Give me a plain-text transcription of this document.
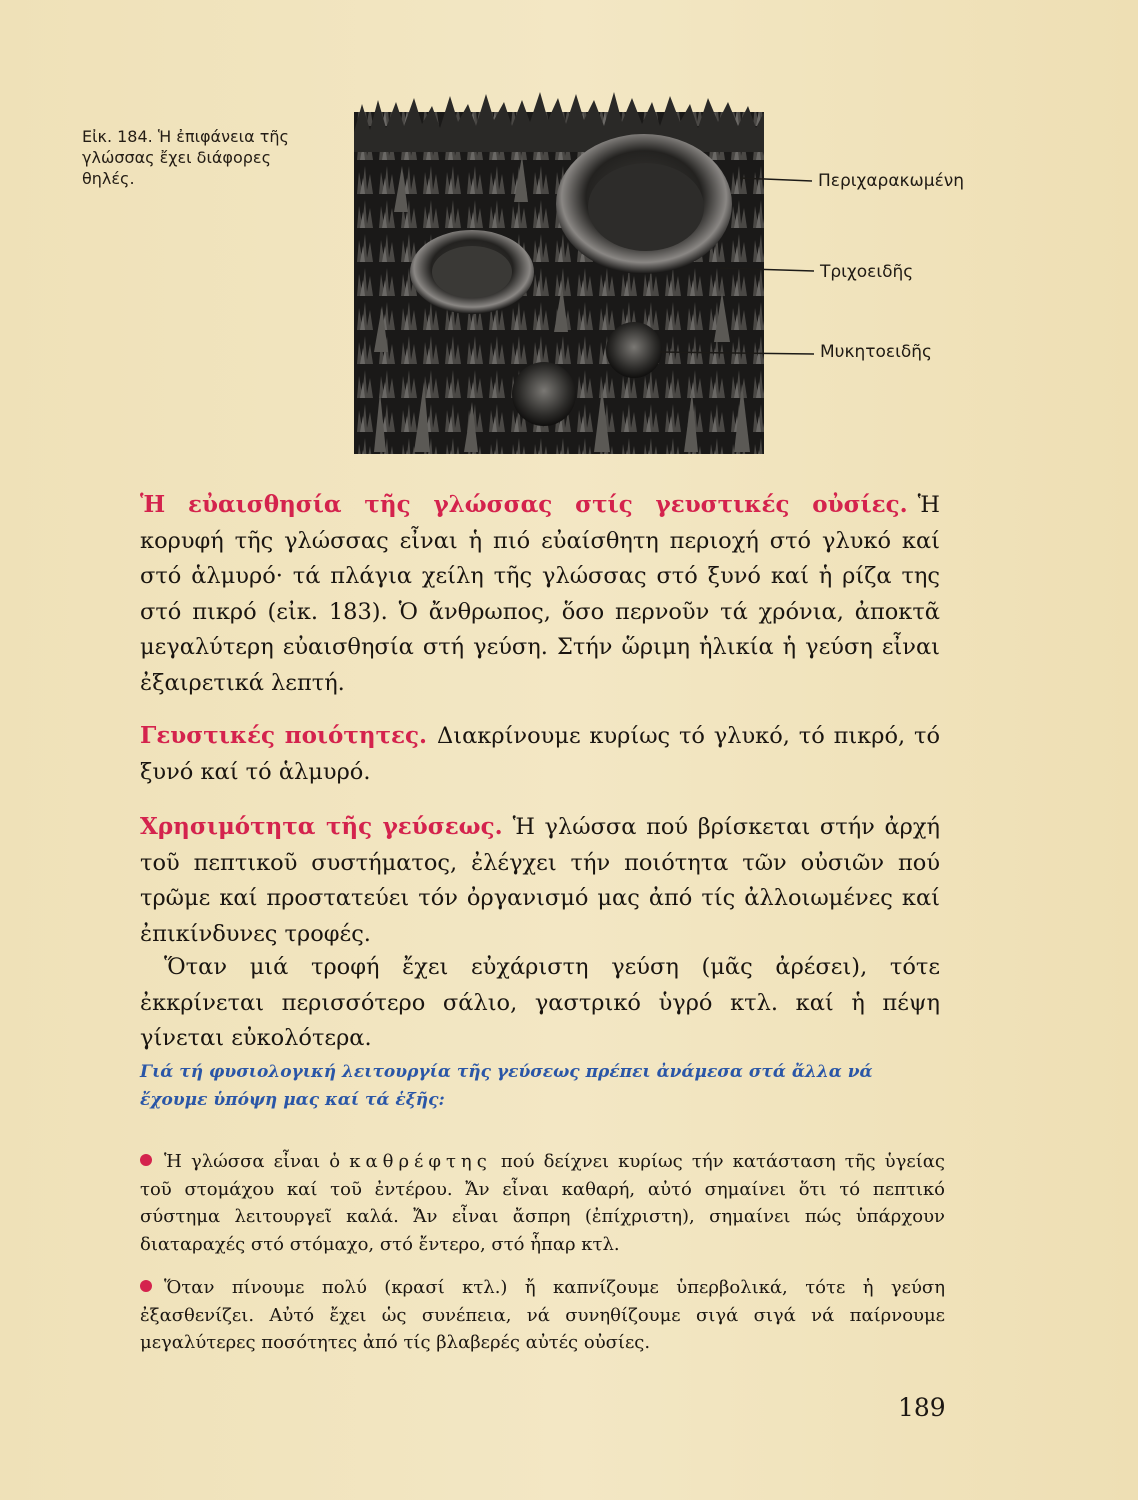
Εἰκ. 184. Ἡ ἐπιφάνεια τῆς
γλώσσας ἔχει διάφορες
θηλές.	Περιχαρακωμένη
Τριχοειδῆς
Μυκητοειδῆς
Ἡ εὐαισθησία τῆς γλώσσας στίς γευστικές οὐσίες. Ἡ κορυφή τῆς γλώσσας εἶναι ἡ πιό εὐαίσθητη περιοχή στό γλυκό καί στό ἁλμυρό· τά πλάγια χείλη τῆς γλώσσας στό ξυνό καί ἡ ρίζα της στό πικρό (εἰκ. 183). Ὁ ἄνθρωπος, ὅσο περνοῦν τά χρόνια, ἀποκτᾶ μεγαλύτερη εὐαισθησία στή γεύση. Στήν ὥριμη ἡλικία ἡ γεύση εἶναι ἐξαιρετικά λεπτή.
Γευστικές ποιότητες. Διακρίνουμε κυρίως τό γλυκό, τό πικρό, τό ξυνό καί τό ἁλμυρό.
Χρησιμότητα τῆς γεύσεως. Ἡ γλώσσα πού βρίσκεται στήν ἀρχή τοῦ πεπτικοῦ συστήματος, ἐλέγχει τήν ποιότητα τῶν οὐσιῶν πού τρῶμε καί προστατεύει τόν ὀργανισμό μας ἀπό τίς ἀλλοιωμένες καί ἐπικίνδυνες τροφές.
Ὅταν μιά τροφή ἔχει εὐχάριστη γεύση (μᾶς ἀρέσει), τότε ἐκκρίνεται περισσότερο σάλιο, γαστρικό ὑγρό κτλ. καί ἡ πέψη γίνεται εὐκολότερα.
Γιά τή φυσιολογική λειτουργία τῆς γεύσεως πρέπει ἀνάμεσα στά ἄλλα νά ἔχουμε ὑπόψη μας καί τά ἑξῆς:
Ἡ γλώσσα εἶναι ὁ καθρέφτης πού δείχνει κυρίως τήν κατάσταση τῆς ὑγείας τοῦ στομάχου καί τοῦ ἐντέρου. Ἄν εἶναι καθαρή, αὐτό σημαίνει ὅτι τό πεπτικό σύστημα λειτουργεῖ καλά. Ἄν εἶναι ἄσπρη (ἐπίχριστη), σημαίνει πώς ὑπάρχουν διαταραχές στό στόμαχο, στό ἔντερο, στό ἧπαρ κτλ.
Ὅταν πίνουμε πολύ (κρασί κτλ.) ἤ καπνίζουμε ὑπερβολικά, τότε ἡ γεύση ἐξασθενίζει. Αὐτό ἔχει ὡς συνέπεια, νά συνηθίζουμε σιγά σιγά νά παίρνουμε μεγαλύτερες ποσότητες ἀπό τίς βλαβερές αὐτές οὐσίες.
189
